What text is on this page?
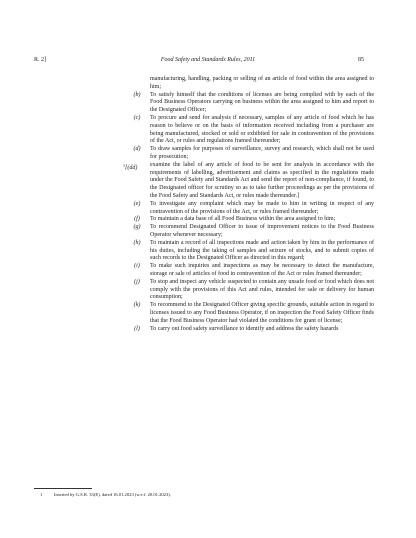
R. 2]	Food Safety and Standards Rules, 2011	85

manufacturing, handling, packing or selling of an article of food within the area assigned to him;

(b)	To satisfy himself that the conditions of licenses are being complied with by each of the Food Business Operators carrying on business within the area assigned to him and report to the Designated Officer;
(c)	To procure and send for analysis if necessary, samples of any article of food which he has reason to believe or on the basis of information received including from a purchaser are being manufactured, stocked or sold or exhibited for sale in contravention of the provisions of the Act, or rules and regulations framed thereunder;
(d)	To draw samples for purposes of surveillance, survey and research, which shall not be used for prosecution;
$^1$[(dd) examine the label of any article of food to be sent for analysis in accordance with the requirements of labelling, advertisement and claims as specified in the regulations made under the Food Safety and Standards Act and send the report of non-compliance, if found, to the Designated officer for scrutiny so as to take further proceedings as per the provisions of the Food Safety and Standards Act, or rules made thereunder.]
(e)	To investigate any complaint which may be made to him in writing in respect of any contravention of the provisions of the Act, or rules framed thereunder;
(f)	To maintain a data base of all Food Business within the area assigned to him;
(g)	To recommend Designated Officer to issue of improvement notices to the Food Business Operator whenever necessary;
(h)	To maintain a record of all inspections made and action taken by him in the performance of his duties, including the taking of samples and seizure of stocks, and to submit copies of such records to the Designated Officer as directed in this regard;
(i)	To make such inquiries and inspections as may be necessary to detect the manufacture, storage or sale of articles of food in contravention of the Act or rules framed thereunder;
(j)	To stop and inspect any vehicle suspected to contain any unsafe food or food which does not comply with the provisions of this Act and rules, intended for sale or delivery for human consumption;
(k)	To recommend to the Designated Officer giving specific grounds, suitable action in regard to licenses issued to any Food Business Operator, if on inspection the Food Safety Officer finds that the Food Business Operator had violated the conditions for grant of license;
(l)	To carry out food safety surveillance to identify and address the safety hazards
1	Inserted by G.S.R. 33(E), dated 16.01.2023 (w.e.f. 20.01.2023).
